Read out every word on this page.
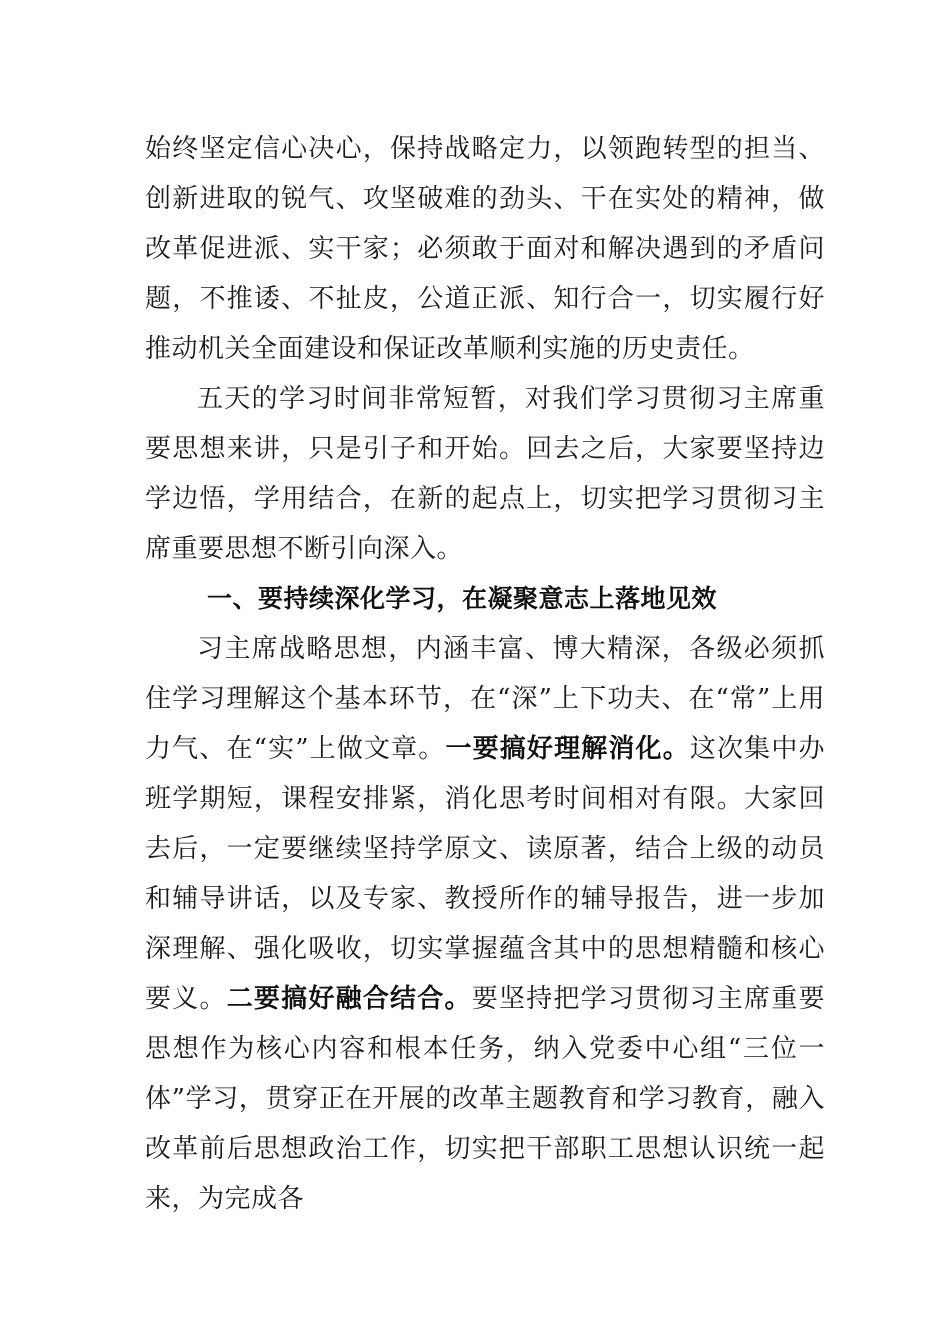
始终坚定信心决心，保持战略定力，以领跑转型的担当、创新进取的锐气、攻坚破难的劲头、干在实处的精神，做改革促进派、实干家；必须敢于面对和解决遇到的矛盾问题，不推诿、不扯皮，公道正派、知行合一，切实履行好推动机关全面建设和保证改革顺利实施的历史责任。

五天的学习时间非常短暂，对我们学习贯彻习主席重要思想来讲，只是引子和开始。回去之后，大家要坚持边学边悟，学用结合，在新的起点上，切实把学习贯彻习主席重要思想不断引向深入。

一、要持续深化学习，在凝聚意志上落地见效

习主席战略思想，内涵丰富、博大精深，各级必须抓住学习理解这个基本环节，在“深”上下功夫、在“常”上用力气、在“实”上做文章。一要搞好理解消化。这次集中办班学期短，课程安排紧，消化思考时间相对有限。大家回去后，一定要继续坚持学原文、读原著，结合上级的动员和辅导讲话，以及专家、教授所作的辅导报告，进一步加深理解、强化吸收，切实掌握蕴含其中的思想精髓和核心要义。二要搞好融合结合。要坚持把学习贯彻习主席重要思想作为核心内容和根本任务，纳入党委中心组“三位一体”学习，贯穿正在开展的改革主题教育和学习教育，融入改革前后思想政治工作，切实把干部职工思想认识统一起来，为完成各
